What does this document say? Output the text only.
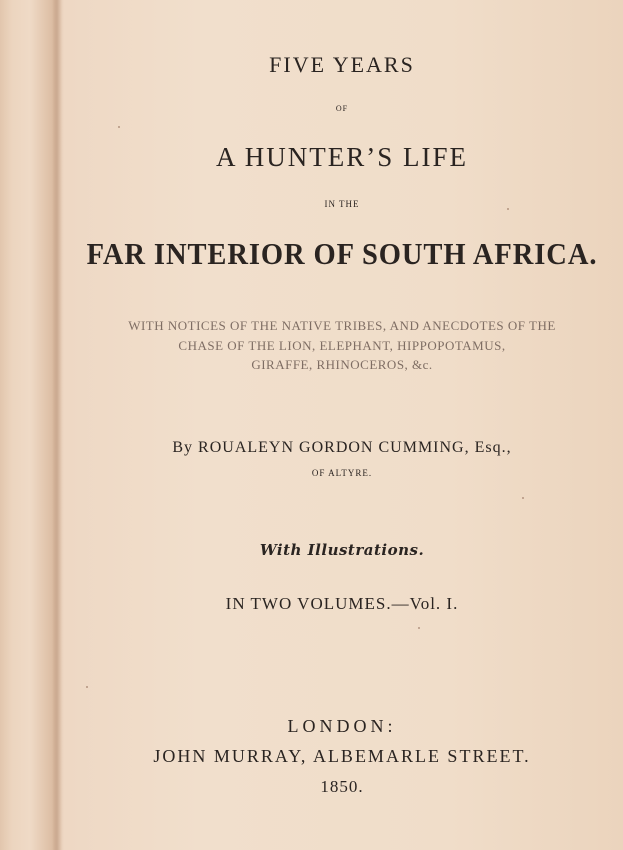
FIVE YEARS
OF
A HUNTER’S LIFE
IN THE
FAR INTERIOR OF SOUTH AFRICA.
WITH NOTICES OF THE NATIVE TRIBES, AND ANECDOTES OF THE
CHASE OF THE LION, ELEPHANT, HIPPOPOTAMUS,
GIRAFFE, RHINOCEROS, &c.
By ROUALEYN GORDON CUMMING, Esq.,
OF ALTYRE.
With Illustrations.
IN TWO VOLUMES.—Vol. I.
LONDON:
JOHN MURRAY, ALBEMARLE STREET.
1850.
